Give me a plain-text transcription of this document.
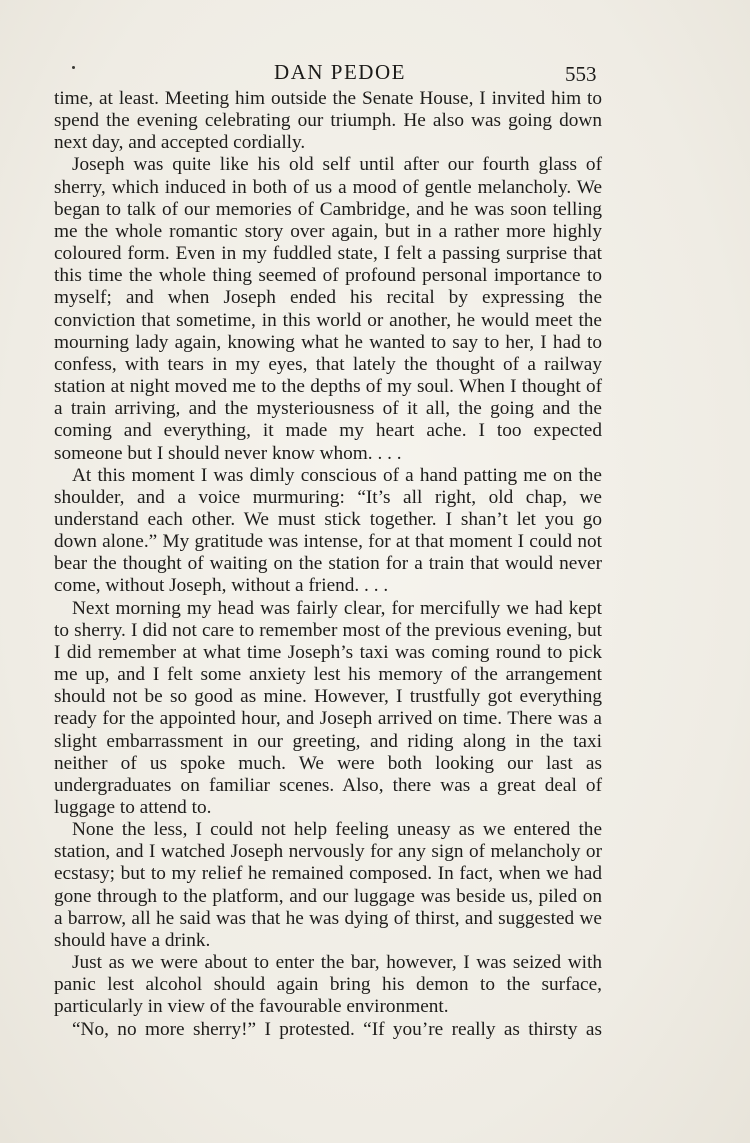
DAN PEDOE	553

time, at least. Meeting him outside the Senate House, I invited him to spend the evening celebrating our triumph. He also was going down next day, and accepted cordially.

Joseph was quite like his old self until after our fourth glass of sherry, which induced in both of us a mood of gentle melancholy. We began to talk of our memories of Cambridge, and he was soon telling me the whole romantic story over again, but in a rather more highly coloured form. Even in my fuddled state, I felt a passing surprise that this time the whole thing seemed of profound personal importance to myself; and when Joseph ended his recital by expressing the conviction that sometime, in this world or another, he would meet the mourning lady again, knowing what he wanted to say to her, I had to confess, with tears in my eyes, that lately the thought of a railway station at night moved me to the depths of my soul. When I thought of a train arriving, and the mysteriousness of it all, the going and the coming and everything, it made my heart ache. I too expected someone but I should never know whom. . . .

At this moment I was dimly conscious of a hand patting me on the shoulder, and a voice murmuring: “It’s all right, old chap, we understand each other. We must stick together. I shan’t let you go down alone.” My gratitude was intense, for at that moment I could not bear the thought of waiting on the station for a train that would never come, without Joseph, without a friend. . . .

Next morning my head was fairly clear, for mercifully we had kept to sherry. I did not care to remember most of the previous evening, but I did remember at what time Joseph’s taxi was coming round to pick me up, and I felt some anxiety lest his memory of the arrangement should not be so good as mine. However, I trustfully got everything ready for the appointed hour, and Joseph arrived on time. There was a slight embarrassment in our greeting, and riding along in the taxi neither of us spoke much. We were both looking our last as undergraduates on familiar scenes. Also, there was a great deal of luggage to attend to.

None the less, I could not help feeling uneasy as we entered the station, and I watched Joseph nervously for any sign of melancholy or ecstasy; but to my relief he remained composed. In fact, when we had gone through to the platform, and our luggage was beside us, piled on a barrow, all he said was that he was dying of thirst, and suggested we should have a drink.

Just as we were about to enter the bar, however, I was seized with panic lest alcohol should again bring his demon to the surface, particularly in view of the favourable environment.

“No, no more sherry!” I protested. “If you’re really as thirsty as
